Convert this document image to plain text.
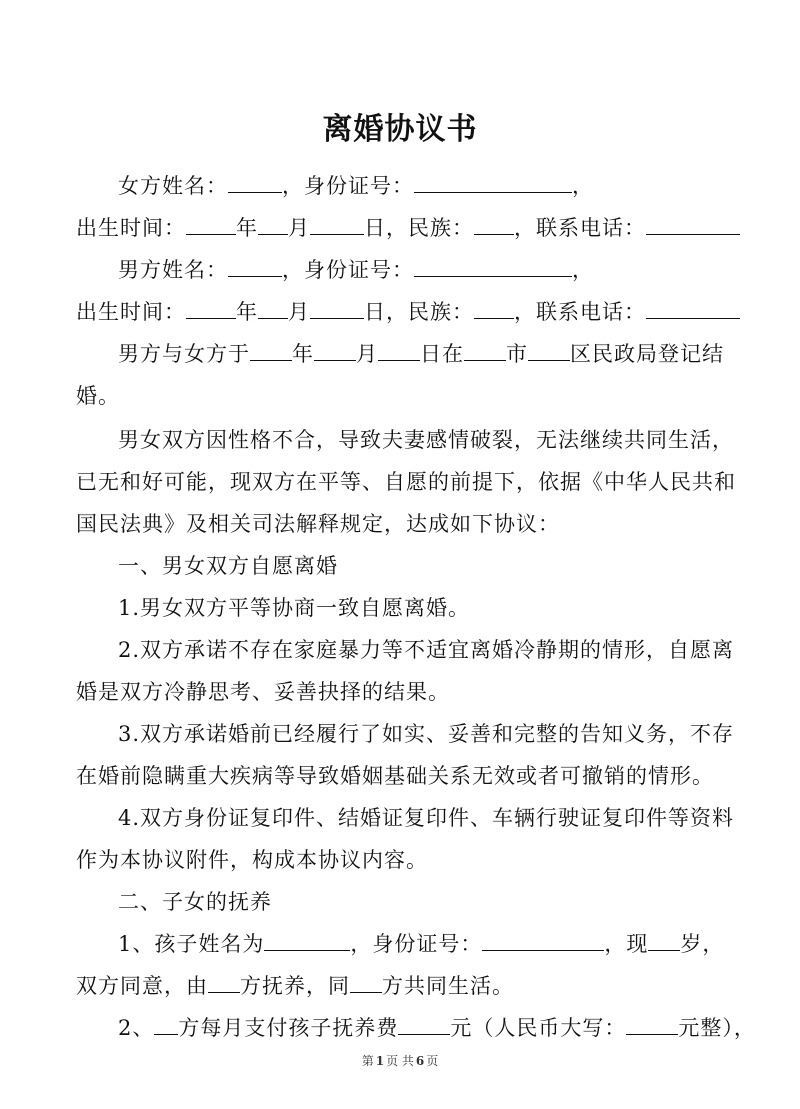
离婚协议书
女方姓名：	，身份证号：	，
出生时间： 年 月	日，民族： ，联系电话：
男方姓名：	，身份证号：	，
出生时间： 年 月	日，民族： ，联系电话：
男方与女方于 年 月 日在 市 区民政局登记结
婚。
男女双方因性格不合，导致夫妻感情破裂，无法继续共同生活，
已无和好可能，现双方在平等、自愿的前提下，依据《中华人民共和
国民法典》及相关司法解释规定，达成如下协议：
一、男女双方自愿离婚
1.男女双方平等协商一致自愿离婚。
2.双方承诺不存在家庭暴力等不适宜离婚冷静期的情形，自愿离
婚是双方冷静思考、妥善抉择的结果。
3.双方承诺婚前已经履行了如实、妥善和完整的告知义务，不存
在婚前隐瞒重大疾病等导致婚姻基础关系无效或者可撤销的情形。
4.双方身份证复印件、结婚证复印件、车辆行驶证复印件等资料
作为本协议附件，构成本协议内容。
二、子女的抚养
1、孩子姓名为	，身份证号：	，现 岁，
双方同意，由 方抚养，同 方共同生活。
2、 方每月支付孩子抚养费 元（人民币大写： 元整），
第 1 页 共 6 页
